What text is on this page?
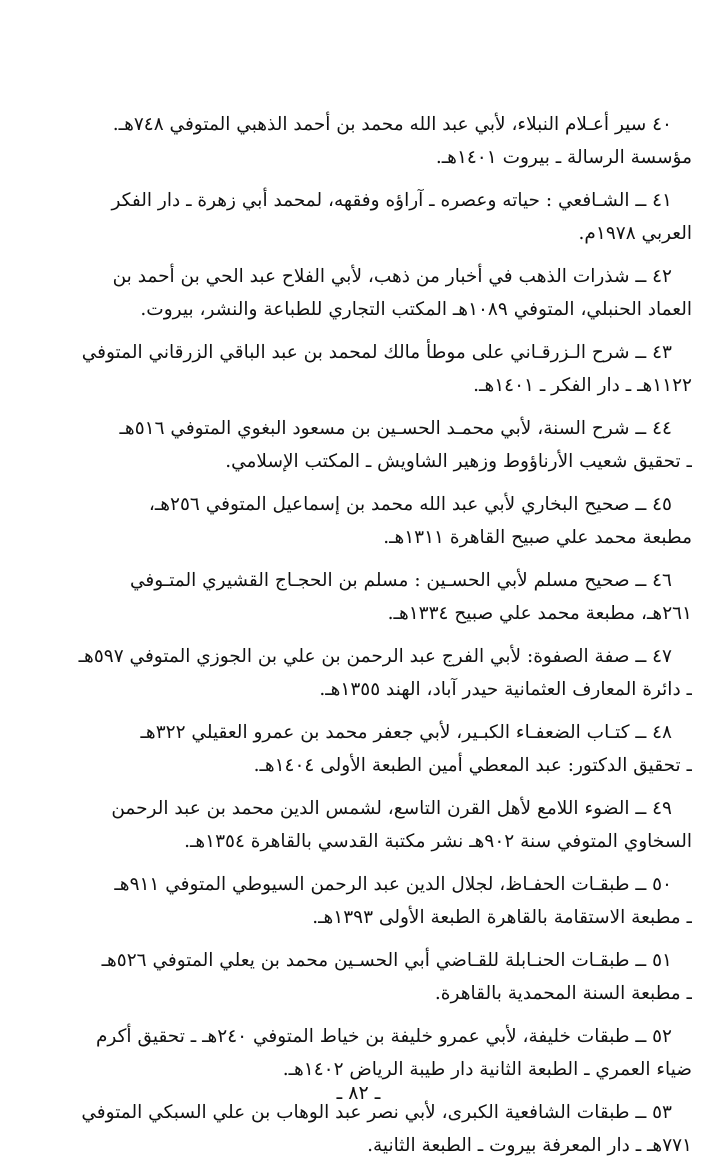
٤٠ سير أعـلام النبلاء، لأبي عبد الله محمد بن أحمد الذهبي المتوفي ٧٤٨هـ.
مؤسسة الرسالة ـ بيروت ١٤٠١هـ.

٤١ ــ الشـافعي : حياته وعصره ـ آراؤه وفقهه، لمحمد أبي زهرة ـ دار الفكر
العربي ١٩٧٨م.

٤٢ ــ شذرات الذهب في أخبار من ذهب، لأبي الفلاح عبد الحي بن أحمد بن
العماد الحنبلي، المتوفي ١٠٨٩هـ المكتب التجاري للطباعة والنشر، بيروت.

٤٣ ــ شرح الـزرقـاني على موطأ مالك لمحمد بن عبد الباقي الزرقاني المتوفي
١١٢٢هـ ـ دار الفكر ـ ١٤٠١هـ.

٤٤ ــ شرح السنة، لأبي محمـد الحسـين بن مسعود البغوي المتوفي ٥١٦هـ
ـ تحقيق شعيب الأرناؤوط وزهير الشاويش ـ المكتب الإسلامي.

٤٥ ــ صحيح البخاري لأبي عبد الله محمد بن إسماعيل المتوفي ٢٥٦هـ،
مطبعة محمد علي صبيح القاهرة ١٣١١هـ.

٤٦ ــ صحيح مسلم لأبي الحسـين : مسلم بن الحجـاج القشيري المتـوفي
٢٦١هـ، مطبعة محمد علي صبيح ١٣٣٤هـ.

٤٧ ــ صفة الصفوة: لأبي الفرج عبد الرحمن بن علي بن الجوزي المتوفي ٥٩٧هـ
ـ دائرة المعارف العثمانية حيدر آباد، الهند ١٣٥٥هـ.

٤٨ ــ كتـاب الضعفـاء الكبـير، لأبي جعفر محمد بن عمرو العقيلي ٣٢٢هـ
ـ تحقيق الدكتور: عبد المعطي أمين الطبعة الأولى ١٤٠٤هـ.

٤٩ ــ الضوء اللامع لأهل القرن التاسع، لشمس الدين محمد بن عبد الرحمن
السخاوي المتوفي سنة ٩٠٢هـ نشر مكتبة القدسي بالقاهرة ١٣٥٤هـ.

٥٠ ــ طبقـات الحفـاظ، لجلال الدين عبد الرحمن السيوطي المتوفي ٩١١هـ
ـ مطبعة الاستقامة بالقاهرة الطبعة الأولى ١٣٩٣هـ.

٥١ ــ طبقـات الحنـابلة للقـاضي أبي الحسـين محمد بن يعلي المتوفي ٥٢٦هـ
ـ مطبعة السنة المحمدية بالقاهرة.

٥٢ ــ طبقات خليفة، لأبي عمرو خليفة بن خياط المتوفي ٢٤٠هـ ـ تحقيق أكرم
ضياء العمري ـ الطبعة الثانية دار طيبة الرياض ١٤٠٢هـ.

٥٣ ــ طبقات الشافعية الكبرى، لأبي نصر عبد الوهاب بن علي السبكي المتوفي
٧٧١هـ ـ دار المعرفة بيروت ـ الطبعة الثانية.

ـ ٨٢ ـ
